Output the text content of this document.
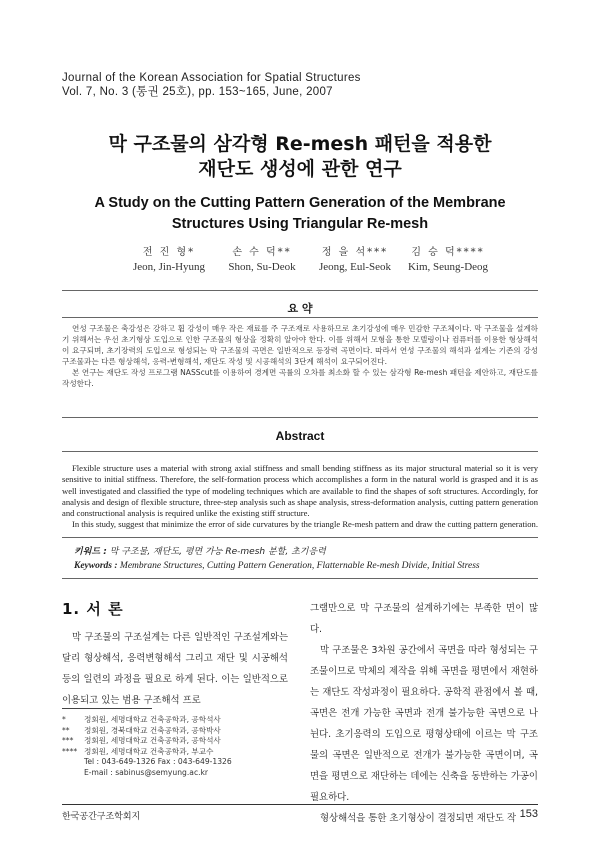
Journal of the Korean Association for Spatial Structures
Vol. 7, No. 3 (통권 25호), pp. 153~165, June, 2007
막 구조물의 삼각형 Re-mesh 패턴을 적용한
재단도 생성에 관한 연구
A Study on the Cutting Pattern Generation of the Membrane
Structures Using Triangular Re-mesh
전 진 형*
Jeon, Jin-Hyung
손 수 덕**
Shon, Su-Deok
정 을 석***
Jeong, Eul-Seok
김 승 덕****
Kim, Seung-Deog
요 약

연성 구조물은 축강성은 강하고 휨 강성이 매우 작은 재료를 주 구조재로 사용하므로 초기강성에 매우 민감한 구조체이다. 막 구조물을 설계하기 위해서는 우선 초기형상 도입으로 인한 구조물의 형상을 정확히 알아야 한다. 이를 위해서 모형을 통한 모델링이나 컴퓨터를 이용한 형상해석이 요구되며, 초기장력의 도입으로 형성되는 막 구조물의 곡면은 일반적으로 등장력 곡면이다. 따라서 연성 구조물의 해석과 설계는 기존의 강성구조물과는 다른 형상해석, 응력-변형해석, 재단도 작성 및 시공해석의 3단계 해석이 요구되어진다.

본 연구는 재단도 작성 프로그램 NASScut를 이용하여 경계면 곡률의 오차를 최소화 할 수 있는 삼각형 Re-mesh 패턴을 제안하고, 재단도를 작성한다.

Abstract

Flexible structure uses a material with strong axial stiffness and small bending stiffness as its major structural material so it is very sensitive to initial stiffness. Therefore, the self-formation process which accomplishes a form in the natural world is grasped and it is as well investigated and classified the type of modeling techniques which are available to find the shapes of soft structures. Accordingly, for analysis and design of flexible structure, three-step analysis such as shape analysis, stress-deformation analysis, cutting pattern generation and constructional analysis is required unlike the existing stiff structure.

In this study, suggest that minimize the error of side curvatures by the triangle Re-mesh pattern and draw the cutting pattern generation.

키워드 : 막 구조물, 재단도, 평면 가능 Re-mesh 분할, 초기응력
Keywords : Membrane Structures, Cutting Pattern Generation, Flatternable Re-mesh Divide, Initial Stress
1. 서 론

막 구조물의 구조설계는 다른 일반적인 구조설계와는 달리 형상해석, 응력변형해석 그리고 재단 및 시공해석 등의 일련의 과정을 필요로 하게 된다. 이는 일반적으로 이용되고 있는 범용 구조해석 프로

*	정회원, 세명대학교 건축공학과, 공학석사
**	정회원, 경북대학교 건축공학과, 공학박사
***	정회원, 세명대학교 건축공학과, 공학석사
**** 정회원, 세명대학교 건축공학과, 부교수
Tel : 043-649-1326 Fax : 043-649-1326
E-mail : sabinus@semyung.ac.kr

그램만으로 막 구조물의 설계하기에는 부족한 면이 많다.

막 구조물은 3차원 공간에서 곡면을 따라 형성되는 구조물이므로 막체의 제작을 위해 곡면을 평면에서 재현하는 재단도 작성과정이 필요하다. 공학적 관점에서 볼 때, 곡면은 전개 가능한 곡면과 전개 불가능한 곡면으로 나뉜다. 초기응력의 도입으로 평형상태에 이르는 막 구조물의 곡면은 일반적으로 전개가 불가능한 곡면이며, 곡면을 평면으로 재단하는 데에는 신축을 동반하는 가공이 필요하다.

형상해석을 통한 초기형상이 결정되면 재단도 작

한국공간구조학회지	153
